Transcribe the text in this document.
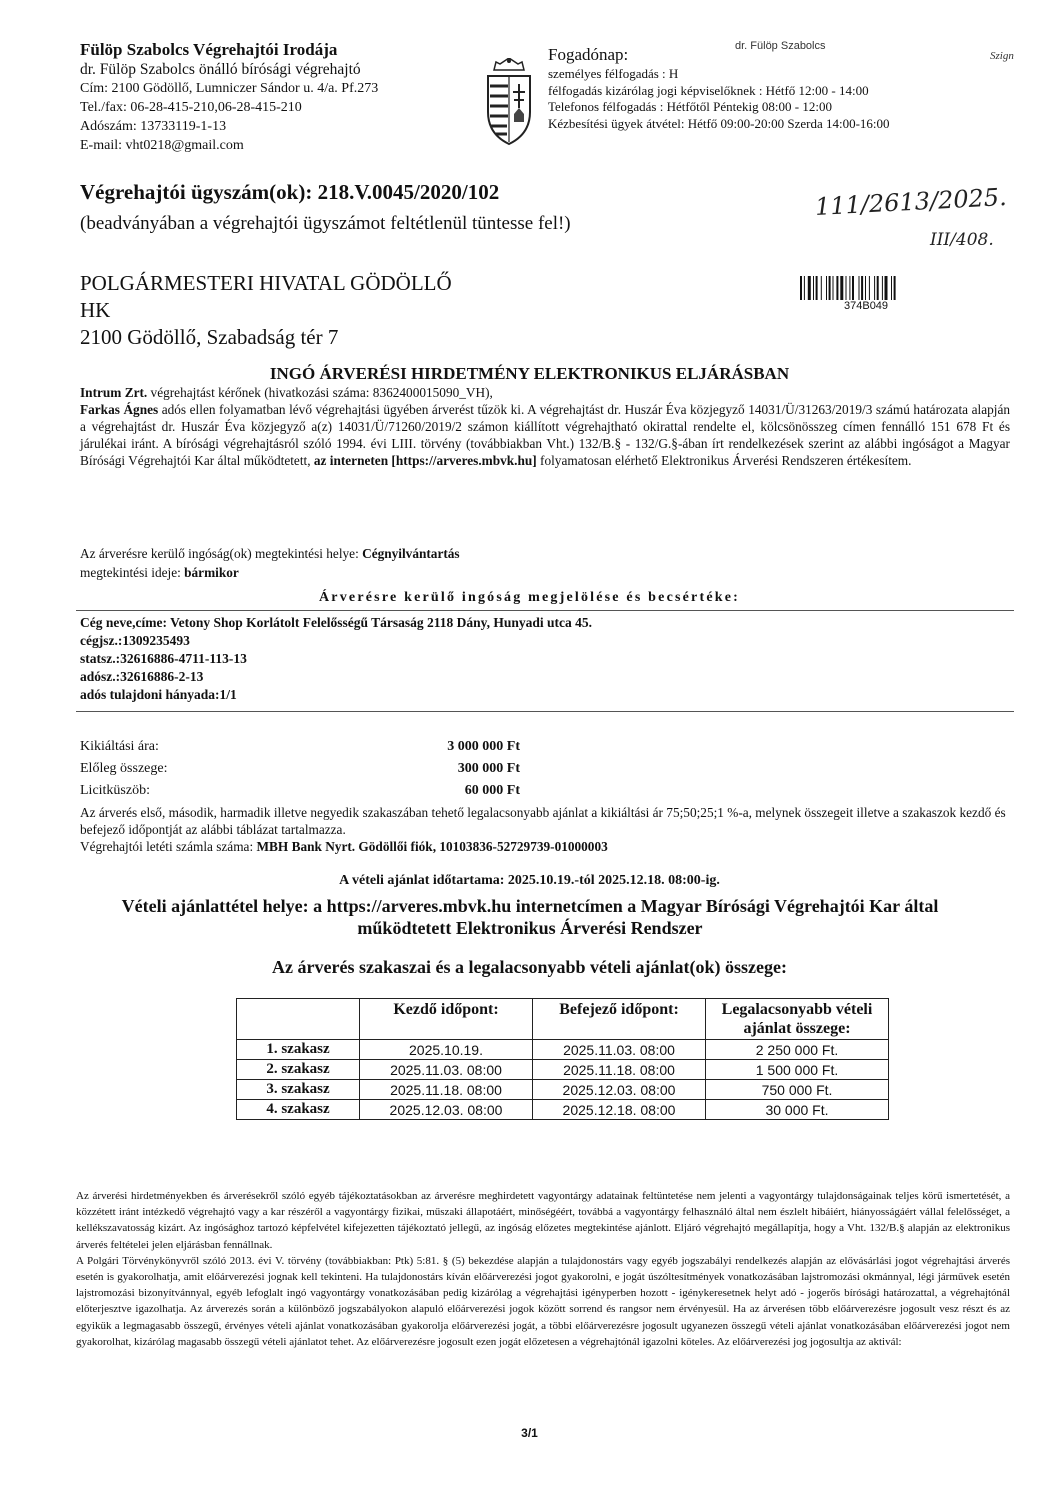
Fülöp Szabolcs Végrehajtói Irodája
dr. Fülöp Szabolcs önálló bírósági végrehajtó
Cím: 2100 Gödöllő, Lumniczer Sándor u. 4/a. Pf.273
Tel./fax: 06-28-415-210,06-28-415-210
Adószám: 13733119-1-13
E-mail: vht0218@gmail.com
Fogadónap:
személyes félfogadás : H
félfogadás kizárólag jogi képviselőknek : Hétfő 12:00 - 14:00
Telefonos félfogadás : Hétfőtől Péntekig 08:00 - 12:00
Kézbesítési ügyek átvétel: Hétfő 09:00-20:00 Szerda 14:00-16:00
dr. Fülöp Szabolcs
Szign
Végrehajtói ügyszám(ok): 218.V.0045/2020/102
(beadványában a végrehajtói ügyszámot feltétlenül tüntesse fel!)
111/2613/2025.
III/408.
374B049
POLGÁRMESTERI HIVATAL GÖDÖLLŐ
HK
2100 Gödöllő, Szabadság tér 7
INGÓ ÁRVERÉSI HIRDETMÉNY ELEKTRONIKUS ELJÁRÁSBAN
Intrum Zrt. végrehajtást kérőnek (hivatkozási száma: 8362400015090_VH),
Farkas Ágnes adós ellen folyamatban lévő végrehajtási ügyében árverést tűzök ki. A végrehajtást dr. Huszár Éva közjegyző 14031/Ü/31263/2019/3 számú határozata alapján a végrehajtást dr. Huszár Éva közjegyző a(z) 14031/Ü/71260/2019/2 számon kiállított végrehajtható okirattal rendelte el, kölcsönösszeg címen fennálló 151 678 Ft és járulékai iránt. A bírósági végrehajtásról szóló 1994. évi LIII. törvény (továbbiakban Vht.) 132/B.§ - 132/G.§-ában írt rendelkezések szerint az alábbi ingóságot a Magyar Bírósági Végrehajtói Kar által működtetett, az interneten [https://arveres.mbvk.hu] folyamatosan elérhető Elektronikus Árverési Rendszeren értékesítem.
Az árverésre kerülő ingóság(ok) megtekintési helye: Cégnyilvántartás
megtekintési ideje: bármikor
Árverésre kerülő ingóság megjelölése és becsértéke:
Cég neve,címe: Vetony Shop Korlátolt Felelősségű Társaság 2118 Dány, Hunyadi utca 45.
cégjsz.:1309235493
statsz.:32616886-4711-113-13
adósz.:32616886-2-13
adós tulajdoni hányada:1/1
Kikiáltási ára:	3 000 000 Ft
Előleg összege:	300 000 Ft
Licitküszöb:	60 000 Ft
Az árverés első, második, harmadik illetve negyedik szakaszában tehető legalacsonyabb ajánlat a kikiáltási ár 75;50;25;1 %-a, melynek összegeit illetve a szakaszok kezdő és befejező időpontját az alábbi táblázat tartalmazza.
Végrehajtói letéti számla száma: MBH Bank Nyrt. Gödöllői fiók, 10103836-52729739-01000003
A vételi ajánlat időtartama: 2025.10.19.-tól 2025.12.18. 08:00-ig.
Vételi ajánlattétel helye: a https://arveres.mbvk.hu internetcímen a Magyar Bírósági Végrehajtói Kar által működtetett Elektronikus Árverési Rendszer
Az árverés szakaszai és a legalacsonyabb vételi ajánlat(ok) összege:
	Kezdő időpont:	Befejező időpont:	Legalacsonyabb vételi ajánlat összege:
1. szakasz	2025.10.19.	2025.11.03. 08:00	2 250 000 Ft.
2. szakasz	2025.11.03. 08:00	2025.11.18. 08:00	1 500 000 Ft.
3. szakasz	2025.11.18. 08:00	2025.12.03. 08:00	750 000 Ft.
4. szakasz	2025.12.03. 08:00	2025.12.18. 08:00	30 000 Ft.
Az árverési hirdetményekben és árverésekről szóló egyéb tájékoztatásokban az árverésre meghirdetett vagyontárgy adatainak feltüntetése nem jelenti a vagyontárgy tulajdonságainak teljes körű ismertetését, a közzétett iránt intézkedő végrehajtó vagy a kar részéről a vagyontárgy fizikai, műszaki állapotáért, minőségéért, továbbá a vagyontárgy felhasználó által nem észlelt hibáiért, hiányosságáért vállal felelősséget, a kellékszavatosság kizárt. Az ingósághoz tartozó képfelvétel kifejezetten tájékoztató jellegű, az ingóság előzetes megtekintése ajánlott. Eljáró végrehajtó megállapítja, hogy a Vht. 132/B.§ alapján az elektronikus árverés feltételei jelen eljárásban fennállnak.
A Polgári Törvénykönyvről szóló 2013. évi V. törvény (továbbiakban: Ptk) 5:81. § (5) bekezdése alapján a tulajdonostárs vagy egyéb jogszabályi rendelkezés alapján az elővásárlási jogot végrehajtási árverés esetén is gyakorolhatja, amit előárverezési jognak kell tekinteni. Ha tulajdonostárs kíván előárverezési jogot gyakorolni, e jogát úszóltesítmények vonatkozásában lajstromozási okmánnyal, légi járművek esetén lajstromozási bizonyítvánnyal, egyéb lefoglalt ingó vagyontárgy vonatkozásában pedig kizárólag a végrehajtási igényperben hozott - igénykeresetnek helyt adó - jogerős bírósági határozattal, a végrehajtónál előterjesztve igazolhatja. Az árverezés során a különböző jogszabályokon alapuló előárverezési jogok között sorrend és rangsor nem érvényesül. Ha az árverésen több előárverezésre jogosult vesz részt és az egyikük a legmagasabb összegű, érvényes vételi ajánlat vonatkozásában gyakorolja előárverezési jogát, a többi előárverezésre jogosult ugyanezen összegű vételi ajánlat vonatkozásában előárverezési jogot nem gyakorolhat, kizárólag magasabb összegű vételi ajánlatot tehet. Az előárverezésre jogosult ezen jogát előzetesen a végrehajtónál igazolni köteles. Az előárverezési jog jogosultja az aktivál:
3/1
